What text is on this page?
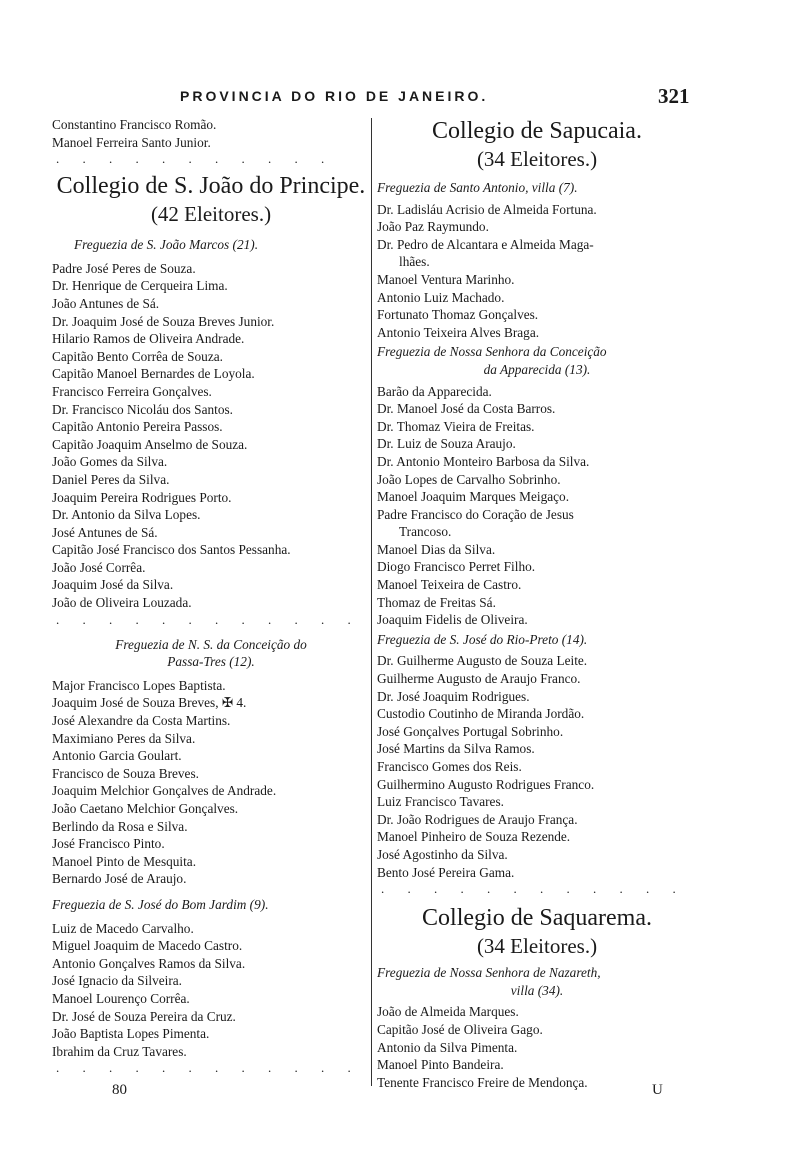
PROVINCIA DO RIO DE JANEIRO.	321
Constantino Francisco Romão.
Manoel Ferreira Santo Junior.
. . . . . . . . . . .
Collegio de S. João do Principe.
(42 Eleitores.)
Freguezia de S. João Marcos (21).
Padre José Peres de Souza.
Dr. Henrique de Cerqueira Lima.
João Antunes de Sá.
Dr. Joaquim José de Souza Breves Junior.
Hilario Ramos de Oliveira Andrade.
Capitão Bento Corrêa de Souza.
Capitão Manoel Bernardes de Loyola.
Francisco Ferreira Gonçalves.
Dr. Francisco Nicoláu dos Santos.
Capitão Antonio Pereira Passos.
Capitão Joaquim Anselmo de Souza.
João Gomes da Silva.
Daniel Peres da Silva.
Joaquim Pereira Rodrigues Porto.
Dr. Antonio da Silva Lopes.
José Antunes de Sá.
Capitão José Francisco dos Santos Pessanha.
João José Corrêa.
Joaquim José da Silva.
João de Oliveira Louzada.
. . . . . . . . . . . .
Freguezia de N. S. da Conceição do
Passa-Tres (12).
Major Francisco Lopes Baptista.
Joaquim José de Souza Breves, ✠ 4.
José Alexandre da Costa Martins.
Maximiano Peres da Silva.
Antonio Garcia Goulart.
Francisco de Souza Breves.
Joaquim Melchior Gonçalves de Andrade.
João Caetano Melchior Gonçalves.
Berlindo da Rosa e Silva.
José Francisco Pinto.
Manoel Pinto de Mesquita.
Bernardo José de Araujo.
Freguezia de S. José do Bom Jardim (9).
Luiz de Macedo Carvalho.
Miguel Joaquim de Macedo Castro.
Antonio Gonçalves Ramos da Silva.
José Ignacio da Silveira.
Manoel Lourenço Corrêa.
Dr. José de Souza Pereira da Cruz.
João Baptista Lopes Pimenta.
Ibrahim da Cruz Tavares.
. . . . . . . . . . . .
Collegio de Sapucaia.
(34 Eleitores.)
Freguezia de Santo Antonio, villa (7).
Dr. Ladisláu Acrisio de Almeida Fortuna.
João Paz Raymundo.
Dr. Pedro de Alcantara e Almeida Maga-
lhães.
Manoel Ventura Marinho.
Antonio Luiz Machado.
Fortunato Thomaz Gonçalves.
Antonio Teixeira Alves Braga.
Freguezia de Nossa Senhora da Conceição
da Apparecida (13).
Barão da Apparecida.
Dr. Manoel José da Costa Barros.
Dr. Thomaz Vieira de Freitas.
Dr. Luiz de Souza Araujo.
Dr. Antonio Monteiro Barbosa da Silva.
João Lopes de Carvalho Sobrinho.
Manoel Joaquim Marques Meigaço.
Padre Francisco do Coração de Jesus
Trancoso.
Manoel Dias da Silva.
Diogo Francisco Perret Filho.
Manoel Teixeira de Castro.
Thomaz de Freitas Sá.
Joaquim Fidelis de Oliveira.
Freguezia de S. José do Rio-Preto (14).
Dr. Guilherme Augusto de Souza Leite.
Guilherme Augusto de Araujo Franco.
Dr. José Joaquim Rodrigues.
Custodio Coutinho de Miranda Jordão.
José Gonçalves Portugal Sobrinho.
José Martins da Silva Ramos.
Francisco Gomes dos Reis.
Guilhermino Augusto Rodrigues Franco.
Luiz Francisco Tavares.
Dr. João Rodrigues de Araujo França.
Manoel Pinheiro de Souza Rezende.
José Agostinho da Silva.
Bento José Pereira Gama.
. . . . . . . . . . . .
Collegio de Saquarema.
(34 Eleitores.)
Freguezia de Nossa Senhora de Nazareth,
villa (34).
João de Almeida Marques.
Capitão José de Oliveira Gago.
Antonio da Silva Pimenta.
Manoel Pinto Bandeira.
Tenente Francisco Freire de Mendonça.
80	U
